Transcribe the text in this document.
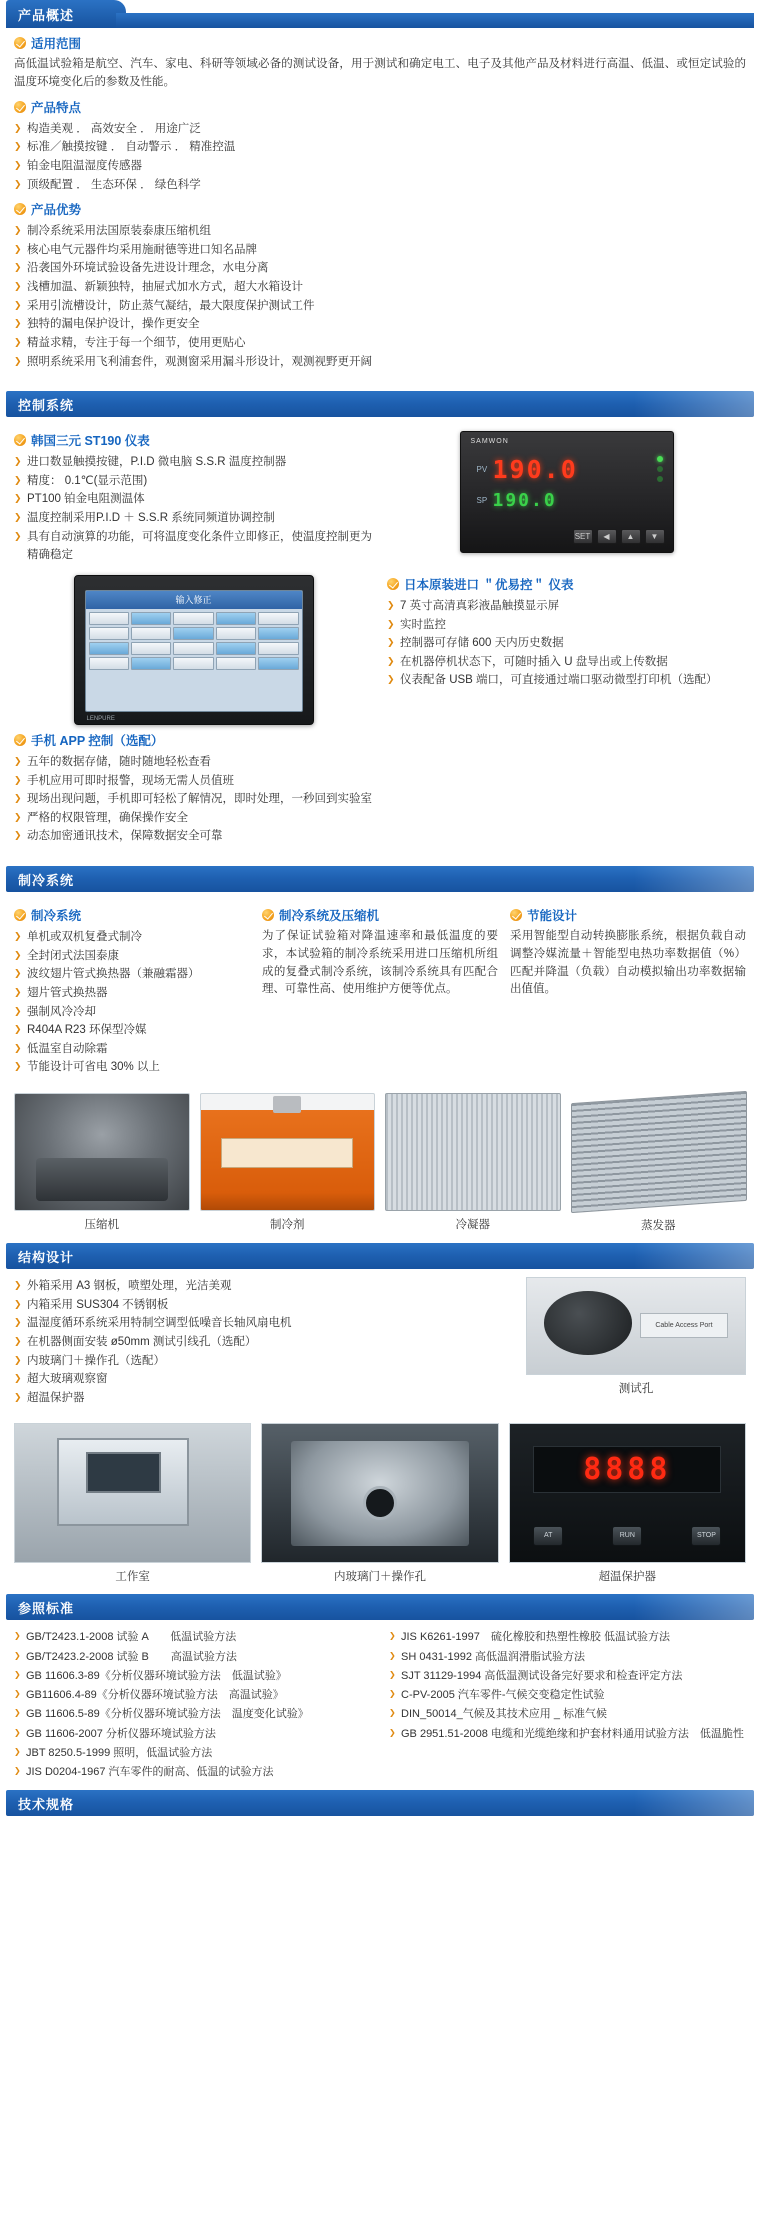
产品概述
适用范围

高低温试验箱是航空、汽车、家电、科研等领域必备的测试设备，用于测试和确定电工、电子及其他产品及材料进行高温、低温、或恒定试验的温度环境变化后的参数及性能。

产品特点
❯ 构造美观 ． 高效安全 ． 用途广泛
❯ 标准／触摸按键 ． 自动警示 ． 精准控温
❯ 铂金电阻温湿度传感器
❯ 顶级配置 ． 生态环保 ． 绿色科学
产品优势
❯ 制冷系统采用法国原装泰康压缩机组
❯ 核心电气元器件均采用施耐德等进口知名品牌
❯ 沿袭国外环境试验设备先进设计理念，水电分离
❯ 浅槽加温、新颖独特，抽屉式加水方式，超大水箱设计
❯ 采用引流槽设计，防止蒸气凝结，最大限度保护测试工件
❯ 独特的漏电保护设计，操作更安全
❯ 精益求精，专注于每一个细节，使用更贴心
❯ 照明系统采用飞利浦套件，观测窗采用漏斗形设计，观测视野更开阔
控制系统
韩国三元 ST190 仪表
❯ 进口数显触摸按键，P.I.D 微电脑 S.S.R 温度控制器
❯ 精度： 0.1℃(显示范围)
❯ PT100 铂金电阻测温体
❯ 温度控制采用P.I.D ＋ S.S.R 系统同频道协调控制
❯ 具有自动演算的功能，可将温度变化条件立即修正，使温度控制更为精确稳定
SAMWON
PV 190.0
SP 190.0
SET	◀	▲	▼
输入修正
LENPURE
日本原装进口 ＂优易控＂ 仪表
❯ 7 英寸高清真彩液晶触摸显示屏
❯ 实时监控
❯ 控制器可存储 600 天内历史数据
❯ 在机器停机状态下，可随时插入 U 盘导出或上传数据
❯ 仪表配备 USB 端口，可直接通过端口驱动微型打印机（选配）
手机 APP 控制（选配）
❯ 五年的数据存储，随时随地轻松查看
❯ 手机应用可即时报警，现场无需人员值班
❯ 现场出现问题，手机即可轻松了解情况，即时处理，一秒回到实验室
❯ 严格的权限管理，确保操作安全
❯ 动态加密通讯技术，保障数据安全可靠
制冷系统
制冷系统
❯ 单机或双机复叠式制冷
❯ 全封闭式法国泰康
❯ 波纹翅片管式换热器（兼融霜器）
❯ 翅片管式换热器
❯ 强制风冷冷却
❯ R404A R23 环保型冷媒
❯ 低温室自动除霜
❯ 节能设计可省电 30% 以上
制冷系统及压缩机

为了保证试验箱对降温速率和最低温度的要求，本试验箱的制冷系统采用进口压缩机所组成的复叠式制冷系统，该制冷系统具有匹配合理、可靠性高、使用维护方便等优点。

节能设计

采用智能型自动转换膨胀系统，根据负载自动调整冷媒流量＋智能型电热功率数据值（%）匹配并降温（负载）自动模拟输出功率数据输出值值。

压缩机	制冷剂	冷凝器	蒸发器
结构设计
❯ 外箱采用 A3 钢板，喷塑处理，光洁美观
❯ 内箱采用 SUS304 不锈钢板
❯ 温湿度循环系统采用特制空调型低噪音长轴风扇电机
❯ 在机器侧面安装 ø50mm 测试引线孔（选配）
❯ 内玻璃门＋操作孔（选配）
❯ 超大玻璃观察窗
❯ 超温保护器
Cable Access Port
测试孔
工作室	内玻璃门＋操作孔
8888
AT	RUN	STOP
超温保护器
参照标准
❯ GB/T2423.1-2008 试验 A　　低温试验方法
❯ GB/T2423.2-2008 试验 B　　高温试验方法
❯ GB 11606.3-89《分析仪器环境试验方法　低温试验》
❯ GB11606.4-89《分析仪器环境试验方法　高温试验》
❯ GB 11606.5-89《分析仪器环境试验方法　温度变化试验》
❯ GB 11606-2007 分析仪器环境试验方法
❯ JBT 8250.5-1999 照明，低温试验方法
❯ JIS D0204-1967 汽车零件的耐高、低温的试验方法
❯ JIS K6261-1997　硫化橡胶和热塑性橡胶 低温试验方法
❯ SH 0431-1992 高低温润滑脂试验方法
❯ SJT 31129-1994 高低温测试设备完好要求和检查评定方法
❯ C-PV-2005 汽车零件‐气候交变稳定性试验
❯ DIN_50014_气候及其技术应用 _ 标准气候
❯ GB 2951.51-2008 电缆和光缆绝缘和护套材料通用试验方法　低温脆性
技术规格
